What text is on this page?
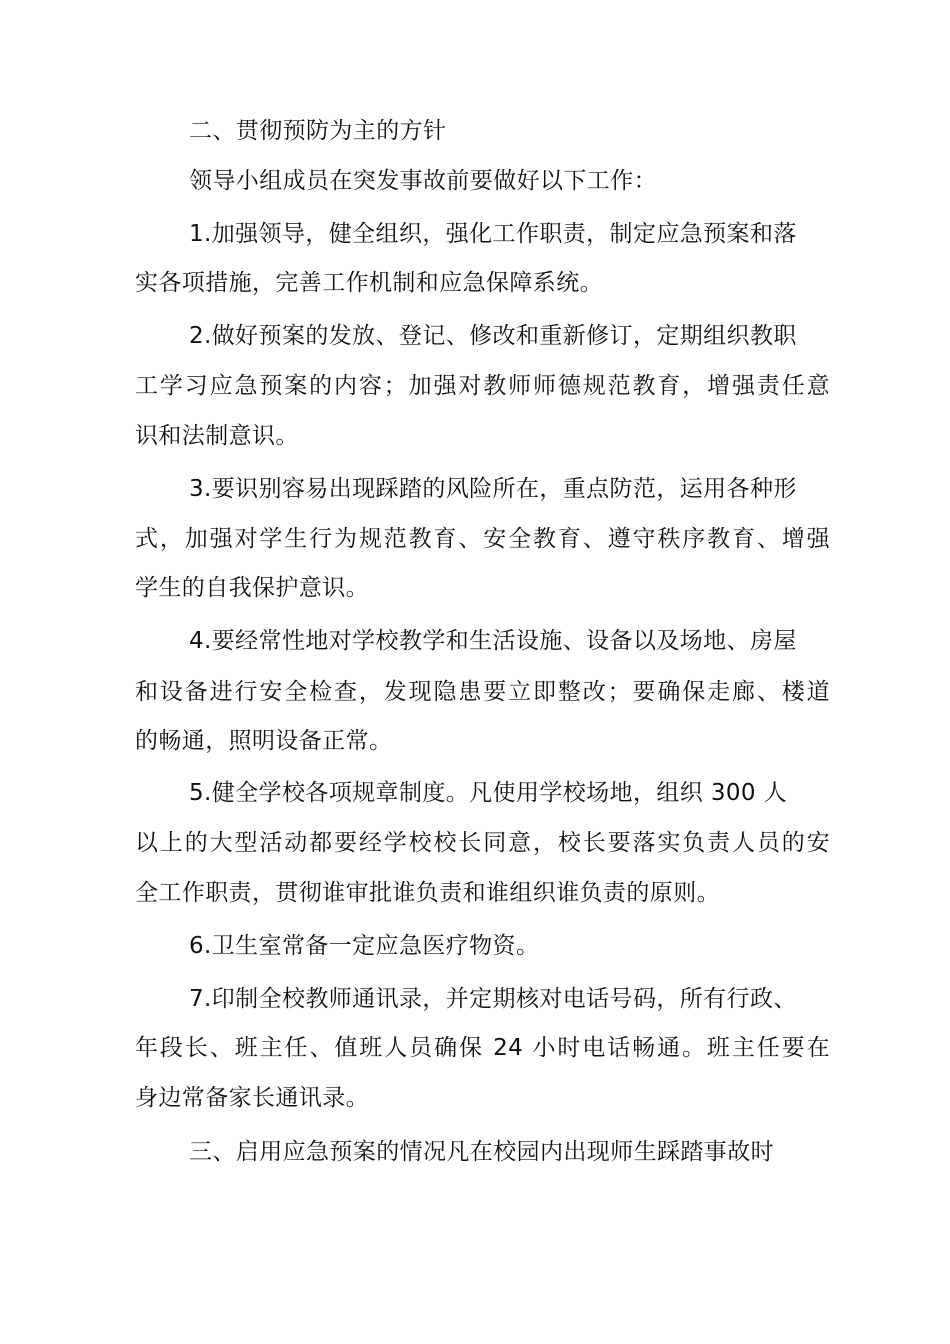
二、贯彻预防为主的方针
领导小组成员在突发事故前要做好以下工作：
1.加强领导，健全组织，强化工作职责，制定应急预案和落
实各项措施，完善工作机制和应急保障系统。
2.做好预案的发放、登记、修改和重新修订，定期组织教职
工学习应急预案的内容；加强对教师师德规范教育，增强责任意
识和法制意识。
3.要识别容易出现踩踏的风险所在，重点防范，运用各种形
式，加强对学生行为规范教育、安全教育、遵守秩序教育、增强
学生的自我保护意识。
4.要经常性地对学校教学和生活设施、设备以及场地、房屋
和设备进行安全检查，发现隐患要立即整改；要确保走廊、楼道
的畅通，照明设备正常。
5.健全学校各项规章制度。凡使用学校场地，组织 300 人
以上的大型活动都要经学校校长同意，校长要落实负责人员的安
全工作职责，贯彻谁审批谁负责和谁组织谁负责的原则。
6.卫生室常备一定应急医疗物资。
7.印制全校教师通讯录，并定期核对电话号码，所有行政、
年段长、班主任、值班人员确保 24 小时电话畅通。班主任要在
身边常备家长通讯录。
三、启用应急预案的情况凡在校园内出现师生踩踏事故时
